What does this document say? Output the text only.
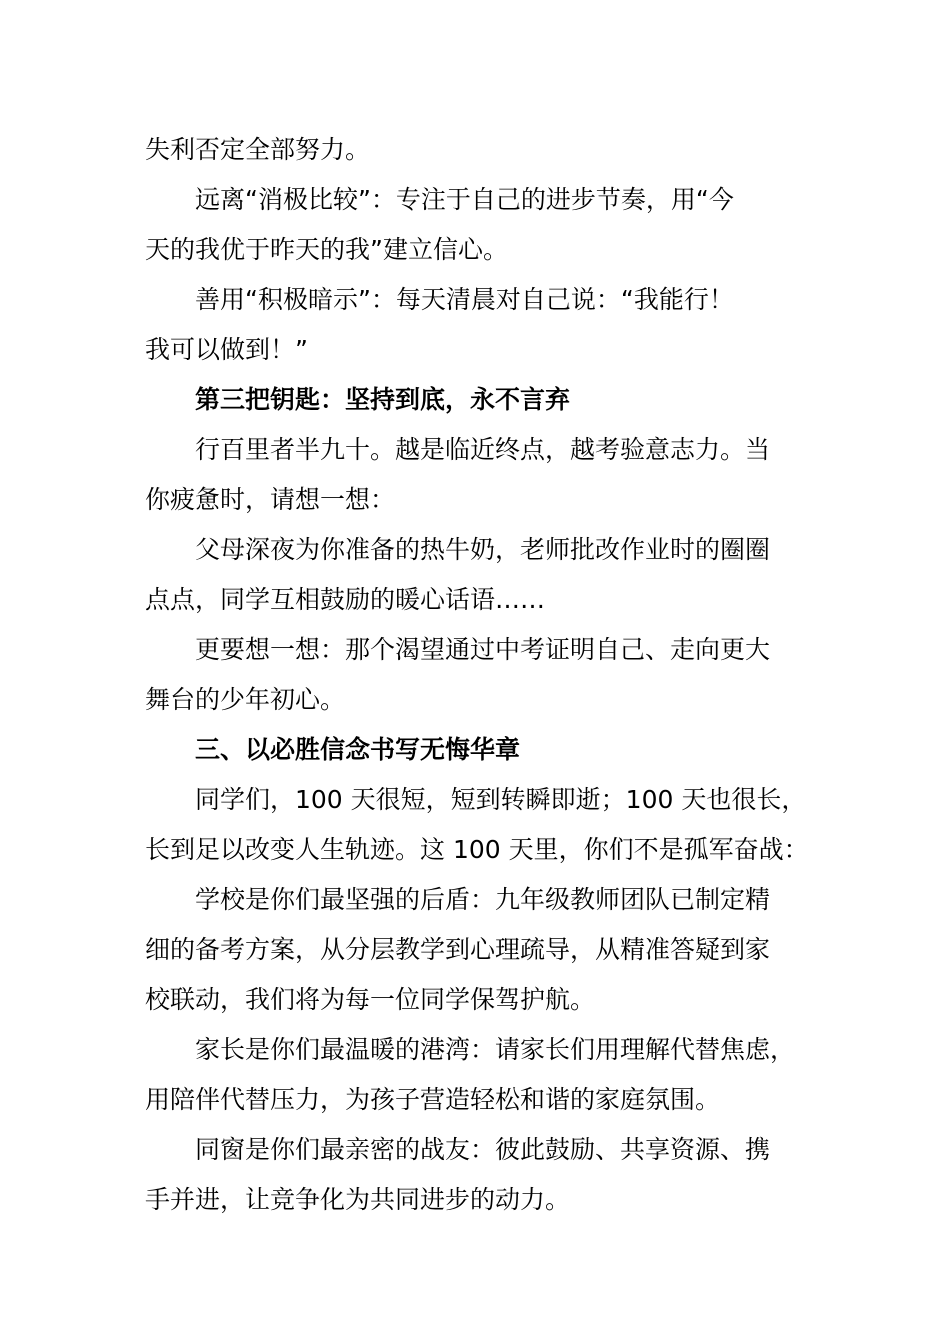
失利否定全部努力。
远离“消极比较”：专注于自己的进步节奏，用“今
天的我优于昨天的我”建立信心。
善用“积极暗示”：每天清晨对自己说：“我能行！
我可以做到！”
第三把钥匙：坚持到底，永不言弃
行百里者半九十。越是临近终点，越考验意志力。当
你疲惫时，请想一想：
父母深夜为你准备的热牛奶，老师批改作业时的圈圈
点点，同学互相鼓励的暖心话语……
更要想一想：那个渴望通过中考证明自己、走向更大
舞台的少年初心。
三、以必胜信念书写无悔华章
同学们，100 天很短，短到转瞬即逝；100 天也很长，
长到足以改变人生轨迹。这 100 天里，你们不是孤军奋战：
学校是你们最坚强的后盾：九年级教师团队已制定精
细的备考方案，从分层教学到心理疏导，从精准答疑到家
校联动，我们将为每一位同学保驾护航。
家长是你们最温暖的港湾：请家长们用理解代替焦虑，
用陪伴代替压力，为孩子营造轻松和谐的家庭氛围。
同窗是你们最亲密的战友：彼此鼓励、共享资源、携
手并进，让竞争化为共同进步的动力。
